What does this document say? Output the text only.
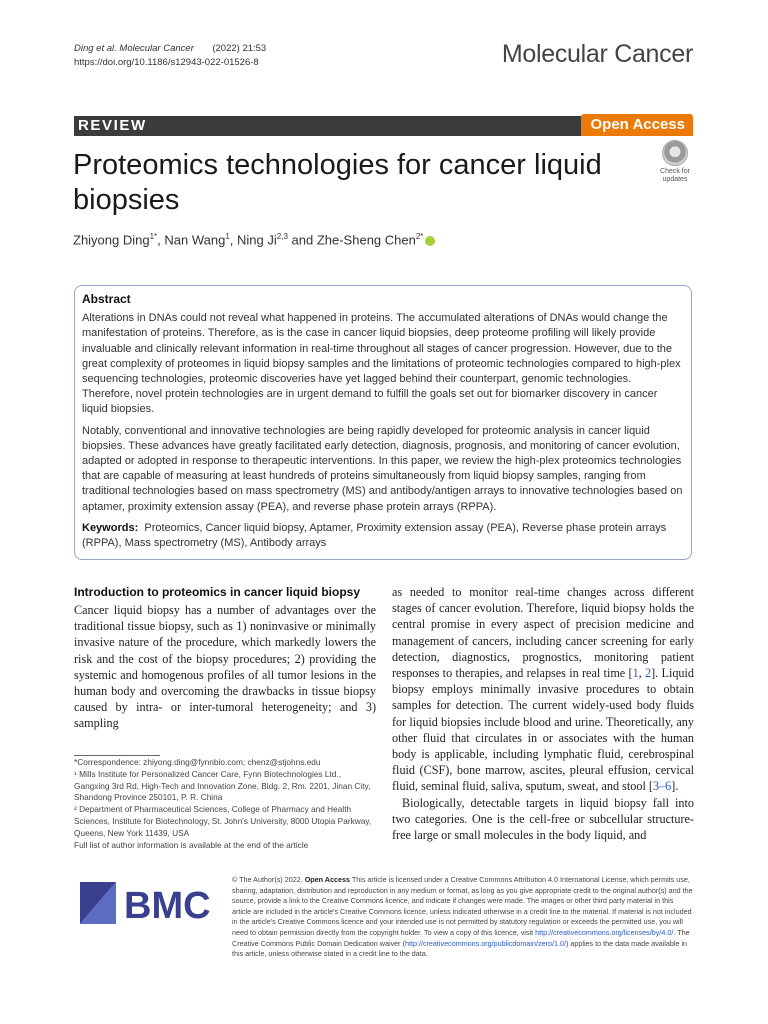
Ding et al. Molecular Cancer (2022) 21:53
https://doi.org/10.1186/s12943-022-01526-8	Molecular Cancer
REVIEW	Open Access
Proteomics technologies for cancer liquid biopsies
Check for updates
Zhiyong Ding$^{1*}$, Nan Wang$^1$, Ning Ji$^{2,3}$ and Zhe-Sheng Chen$^{2*}$
Abstract

Alterations in DNAs could not reveal what happened in proteins. The accumulated alterations of DNAs would change the manifestation of proteins. Therefore, as is the case in cancer liquid biopsies, deep proteome profiling will likely provide invaluable and clinically relevant information in real-time throughout all stages of cancer progression. However, due to the great complexity of proteomes in liquid biopsy samples and the limitations of proteomic technologies compared to high-plex sequencing technologies, proteomic discoveries have yet lagged behind their counterpart, genomic technologies. Therefore, novel protein technologies are in urgent demand to fulfill the goals set out for biomarker discovery in cancer liquid biopsies.

Notably, conventional and innovative technologies are being rapidly developed for proteomic analysis in cancer liquid biopsies. These advances have greatly facilitated early detection, diagnosis, prognosis, and monitoring of cancer evolution, adapted or adopted in response to therapeutic interventions. In this paper, we review the high-plex proteomics technologies that are capable of measuring at least hundreds of proteins simultaneously from liquid biopsy samples, ranging from traditional technologies based on mass spectrometry (MS) and antibody/antigen arrays to innovative technologies based on aptamer, proximity extension assay (PEA), and reverse phase protein arrays (RPPA).

Keywords: Proteomics, Cancer liquid biopsy, Aptamer, Proximity extension assay (PEA), Reverse phase protein arrays (RPPA), Mass spectrometry (MS), Antibody arrays

Introduction to proteomics in cancer liquid biopsy

Cancer liquid biopsy has a number of advantages over the traditional tissue biopsy, such as 1) noninvasive or minimally invasive nature of the procedure, which markedly lowers the risk and the cost of the biopsy procedures; 2) providing the systemic and homogenous profiles of all tumor lesions in the human body and overcoming the drawbacks in tissue biopsy caused by intra- or inter-tumoral heterogeneity; and 3) sampling

as needed to monitor real-time changes across different stages of cancer evolution. Therefore, liquid biopsy holds the central promise in every aspect of precision medicine and management of cancers, including cancer screening for early detection, diagnostics, prognostics, monitoring patient responses to therapies, and relapses in real time [1, 2]. Liquid biopsy employs minimally invasive procedures to obtain samples for detection. The current widely-used body fluids for liquid biopsies include blood and urine. Theoretically, any other fluid that circulates in or associates with the human body is applicable, including lymphatic fluid, cerebrospinal fluid (CSF), bone marrow, ascites, pleural effusion, cervical fluid, seminal fluid, saliva, sputum, sweat, and stool [3–6].

Biologically, detectable targets in liquid biopsy fall into two categories. One is the cell-free or subcellular structure-free large or small molecules in the body liquid, and

*Correspondence: zhiyong.ding@fynnbio.com; chenz@stjohns.edu

¹ Mills Institute for Personalized Cancer Care, Fynn Biotechnologies Ltd., Gangxing 3rd Rd, High-Tech and Innovation Zone, Bldg. 2, Rm. 2201, Jinan City, Shandong Province 250101, P. R. China

² Department of Pharmaceutical Sciences, College of Pharmacy and Health Sciences, Institute for Biotechnology, St. John's University, 8000 Utopia Parkway, Queens, New York 11439, USA

Full list of author information is available at the end of the article

BMC
© The Author(s) 2022. Open Access This article is licensed under a Creative Commons Attribution 4.0 International License, which permits use, sharing, adaptation, distribution and reproduction in any medium or format, as long as you give appropriate credit to the original author(s) and the source, provide a link to the Creative Commons licence, and indicate if changes were made. The images or other third party material in this article are included in the article's Creative Commons licence, unless indicated otherwise in a credit line to the material. If material is not included in the article's Creative Commons licence and your intended use is not permitted by statutory regulation or exceeds the permitted use, you will need to obtain permission directly from the copyright holder. To view a copy of this licence, visit http://creativecommons.org/licenses/by/4.0/. The Creative Commons Public Domain Dedication waiver (http://creativecommons.org/publicdomain/zero/1.0/) applies to the data made available in this article, unless otherwise stated in a credit line to the data.
